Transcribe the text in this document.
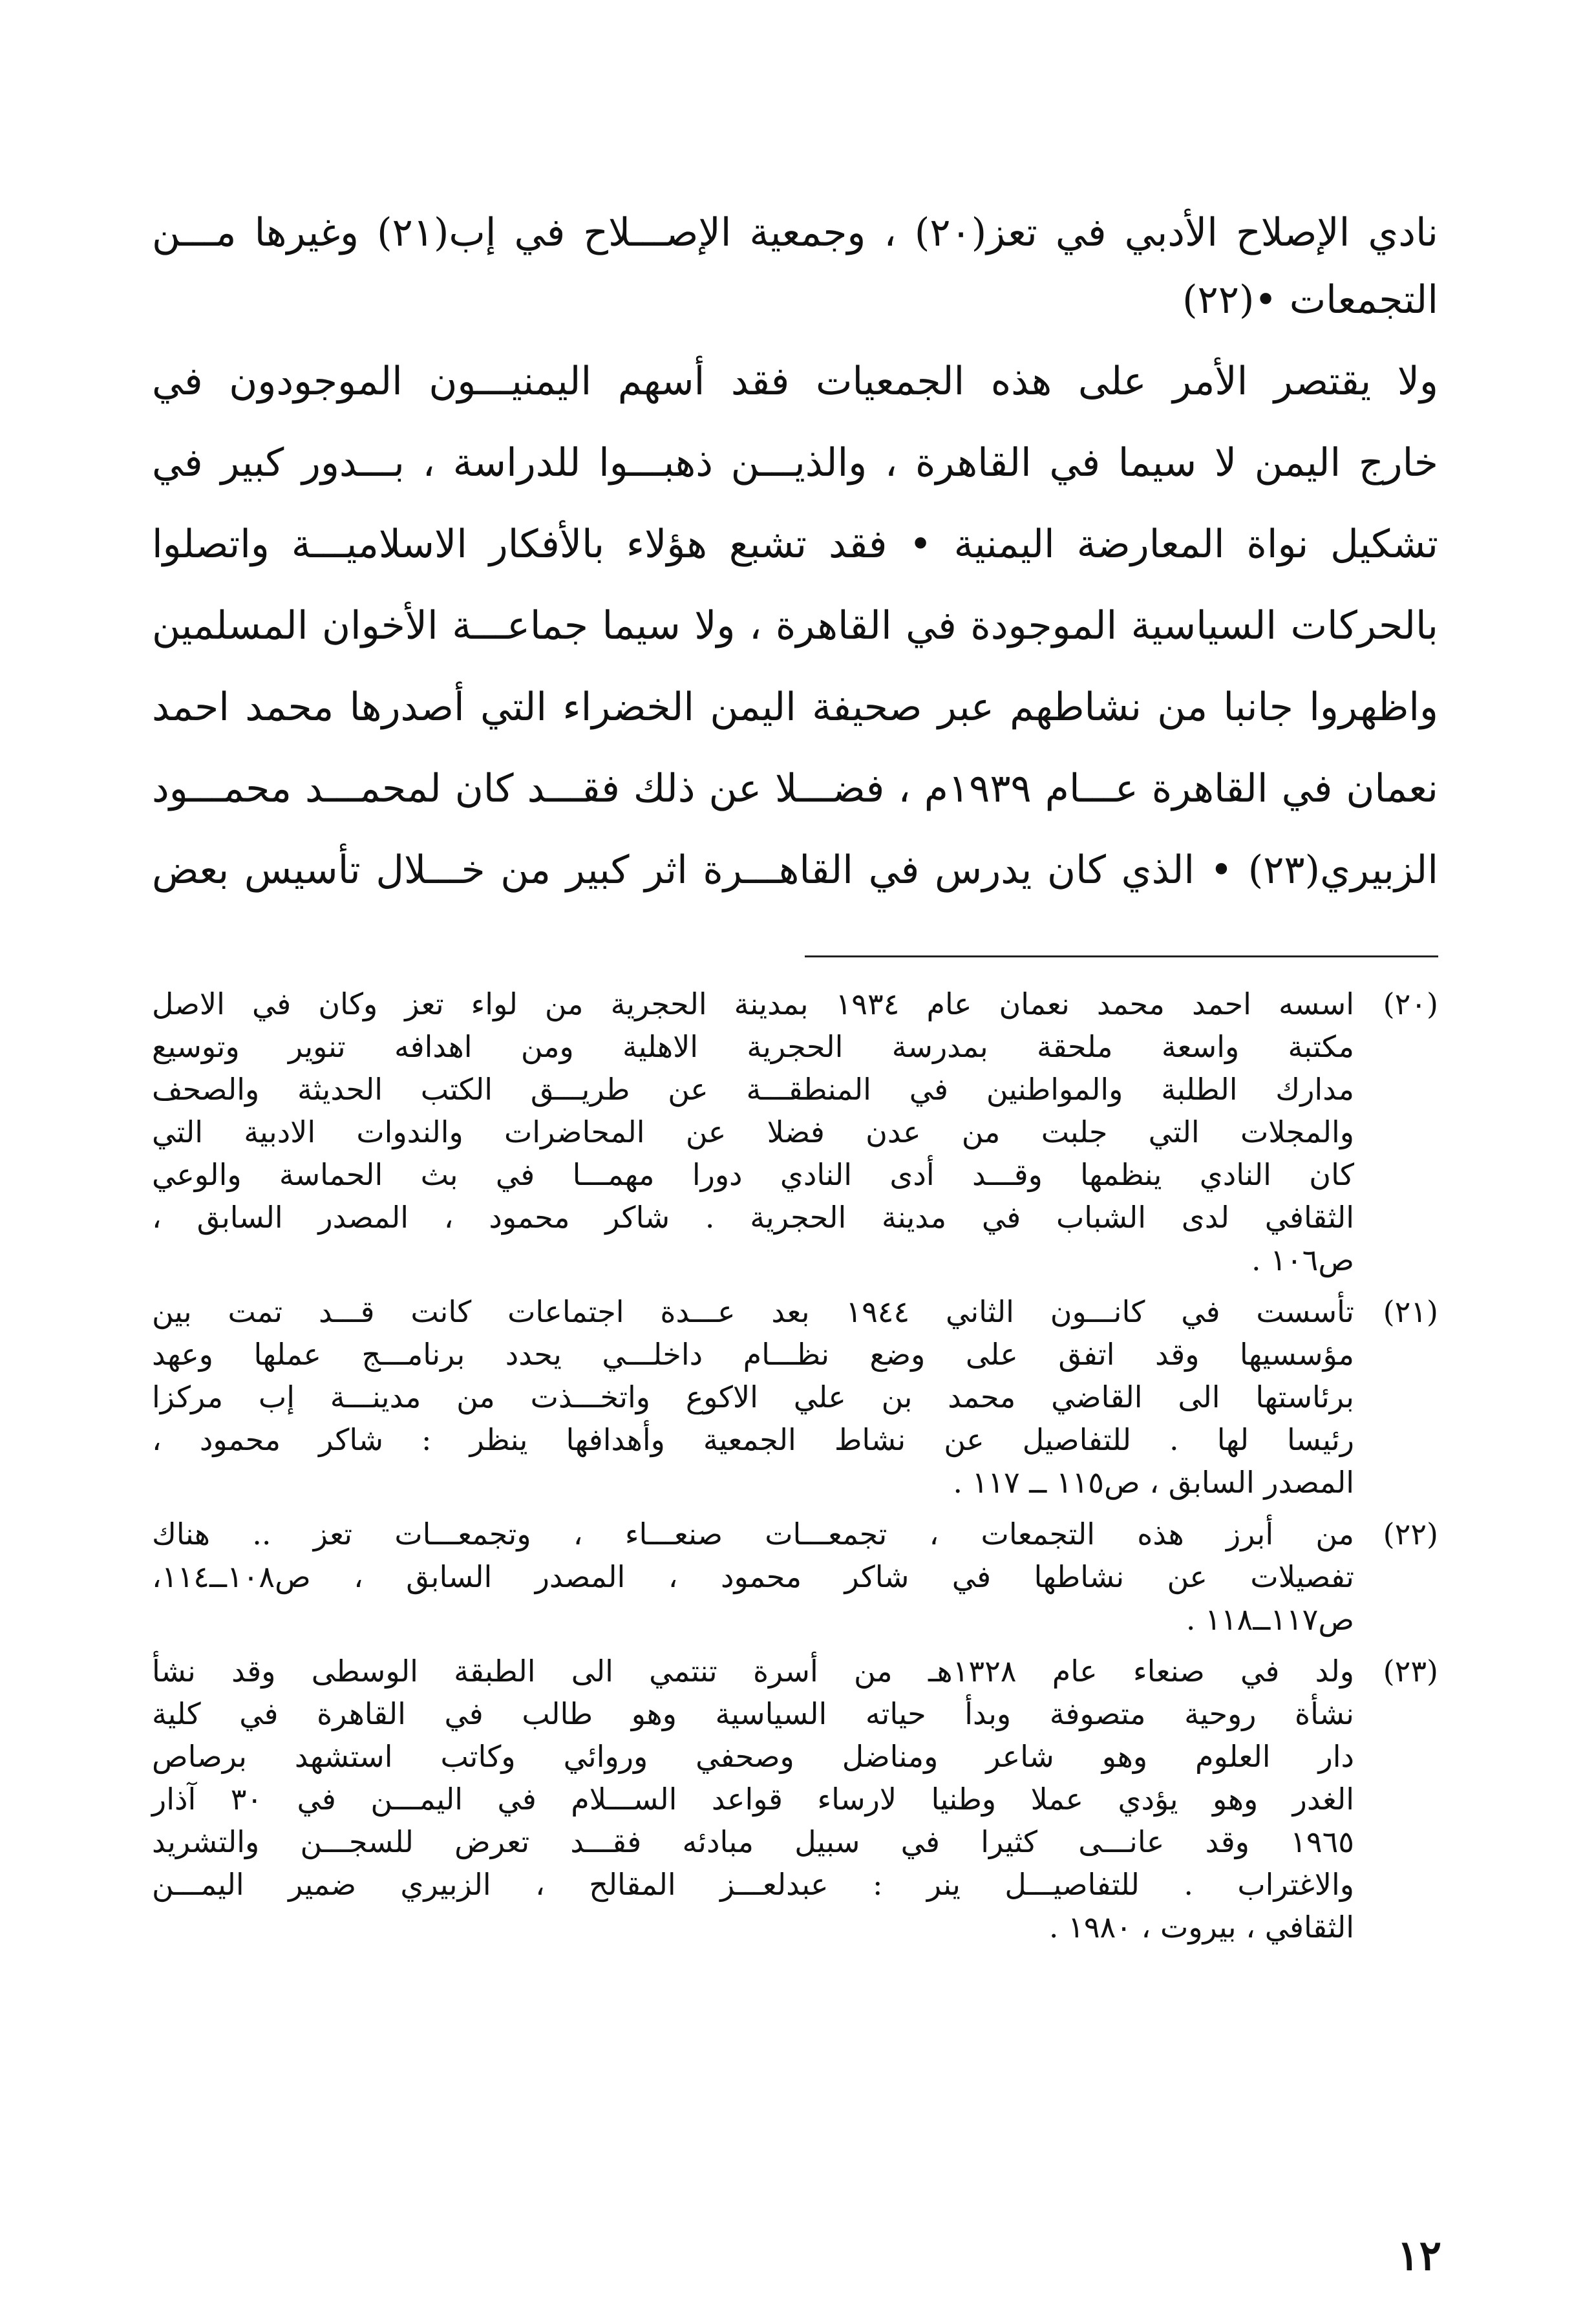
نادي الإصلاح الأدبي في تعز(٢٠) ، وجمعية الإصـــلاح في إب(٢١) وغيرها مـــن
التجمعات •(٢٢)
ولا يقتصر الأمر على هذه الجمعيات فقد أسهم اليمنيـــون الموجودون في
خارج اليمن لا سيما في القاهرة ، والذيـــن ذهبـــوا للدراسة ، بـــدور كبير في
تشكيل نواة المعارضة اليمنية • فقد تشبع هؤلاء بالأفكار الاسلاميـــة واتصلوا
بالحركات السياسية الموجودة في القاهرة ، ولا سيما جماعـــة الأخوان المسلمين
واظهروا جانبا من نشاطهم عبر صحيفة اليمن الخضراء التي أصدرها محمد احمد
نعمان في القاهرة عـــام ١٩٣٩م ، فضـــلا عن ذلك فقـــد كان لمحمـــد محمـــود
الزبيري(٢٣) • الذي كان يدرس في القاهـــرة اثر كبير من خـــلال تأسيس بعض
(٢٠)
اسسه احمد محمد نعمان عام ١٩٣٤ بمدينة الحجرية من لواء تعز وكان في الاصل
مكتبة واسعة ملحقة بمدرسة الحجرية الاهلية ومن اهدافه تنوير وتوسيع
مدارك الطلبة والمواطنين في المنطقـــة عن طريـــق الكتب الحديثة والصحف
والمجلات التي جلبت من عدن فضلا عن المحاضرات والندوات الادبية التي
كان النادي ينظمها وقـــد أدى النادي دورا مهمـــا في بث الحماسة والوعي
الثقافي لدى الشباب في مدينة الحجرية . شاكر محمود ، المصدر السابق ،
ص١٠٦ .
(٢١)
تأسست في كانـــون الثاني ١٩٤٤ بعد عـــدة اجتماعات كانت قـــد تمت بين
مؤسسيها وقد اتفق على وضع نظـــام داخلـــي يحدد برنامـــج عملها وعهد
برئاستها الى القاضي محمد بن علي الاكوع واتخـــذت من مدينـــة إب مركزا
رئيسا لها . للتفاصيل عن نشاط الجمعية وأهدافها ينظر : شاكر محمود ،
المصدر السابق ، ص١١٥ ــ ١١٧ .
(٢٢)
من أبرز هذه التجمعات ، تجمعـــات صنعـــاء ، وتجمعـــات تعز .. هناك
تفصيلات عن نشاطها في شاكر محمود ، المصدر السابق ، ص١٠٨ــ١١٤،
ص١١٧ــ١١٨ .
(٢٣)
ولد في صنعاء عام ١٣٢٨هـ من أسرة تنتمي الى الطبقة الوسطى وقد نشأ
نشأة روحية متصوفة وبدأ حياته السياسية وهو طالب في القاهرة في كلية
دار العلوم وهو شاعر ومناضل وصحفي وروائي وكاتب استشهد برصاص
الغدر وهو يؤدي عملا وطنيا لارساء قواعد الســـلام في اليمـــن في ٣٠ آذار
١٩٦٥ وقد عانـــى كثيرا في سبيل مبادئه فقـــد تعرض للسجـــن والتشريد
والاغتراب . للتفاصيـــل ينر : عبدلعـــز المقالح ، الزبيري ضمير اليمـــن
الثقافي ، بيروت ، ١٩٨٠ .
١٢
